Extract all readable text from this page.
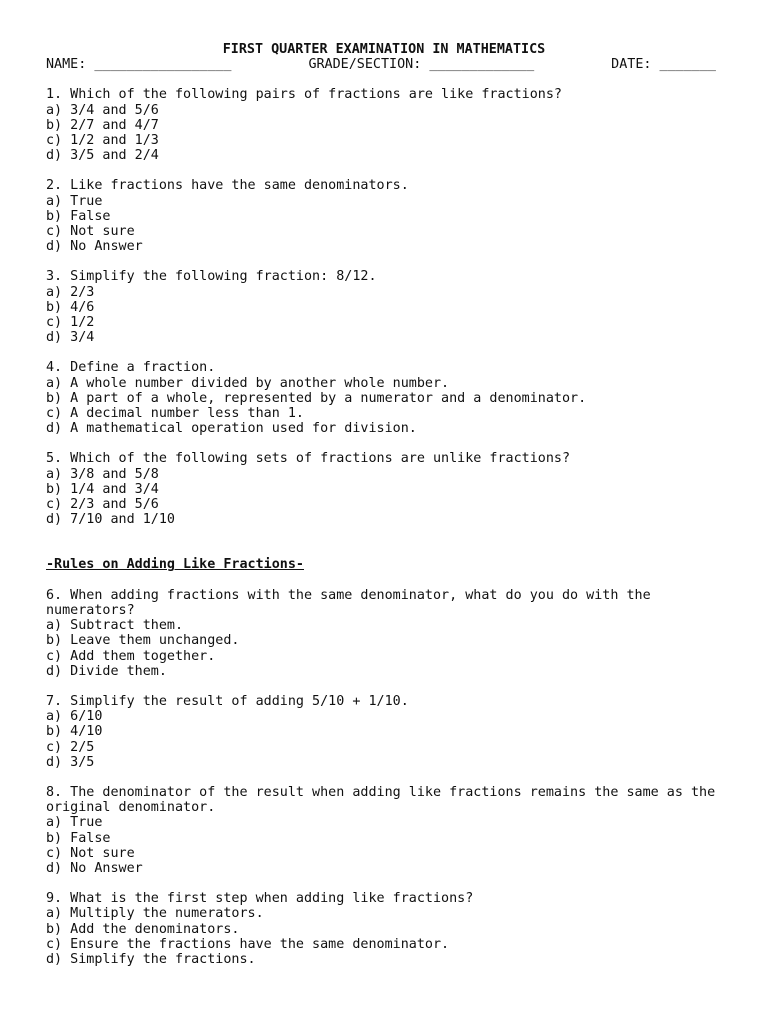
FIRST QUARTER EXAMINATION IN MATHEMATICS
NAME: _________________	GRADE/SECTION: _____________	DATE: _______
1. Which of the following pairs of fractions are like fractions?
a) 3/4 and 5/6
b) 2/7 and 4/7
c) 1/2 and 1/3
d) 3/5 and 2/4
2. Like fractions have the same denominators.
a) True
b) False
c) Not sure
d) No Answer
3. Simplify the following fraction: 8/12.
a) 2/3
b) 4/6
c) 1/2
d) 3/4
4. Define a fraction.
a) A whole number divided by another whole number.
b) A part of a whole, represented by a numerator and a denominator.
c) A decimal number less than 1.
d) A mathematical operation used for division.
5. Which of the following sets of fractions are unlike fractions?
a) 3/8 and 5/8
b) 1/4 and 3/4
c) 2/3 and 5/6
d) 7/10 and 1/10
-Rules on Adding Like Fractions-
6. When adding fractions with the same denominator, what do you do with the numerators?
a) Subtract them.
b) Leave them unchanged.
c) Add them together.
d) Divide them.
7. Simplify the result of adding 5/10 + 1/10.
a) 6/10
b) 4/10
c) 2/5
d) 3/5
8. The denominator of the result when adding like fractions remains the same as the original denominator.
a) True
b) False
c) Not sure
d) No Answer
9. What is the first step when adding like fractions?
a) Multiply the numerators.
b) Add the denominators.
c) Ensure the fractions have the same denominator.
d) Simplify the fractions.
